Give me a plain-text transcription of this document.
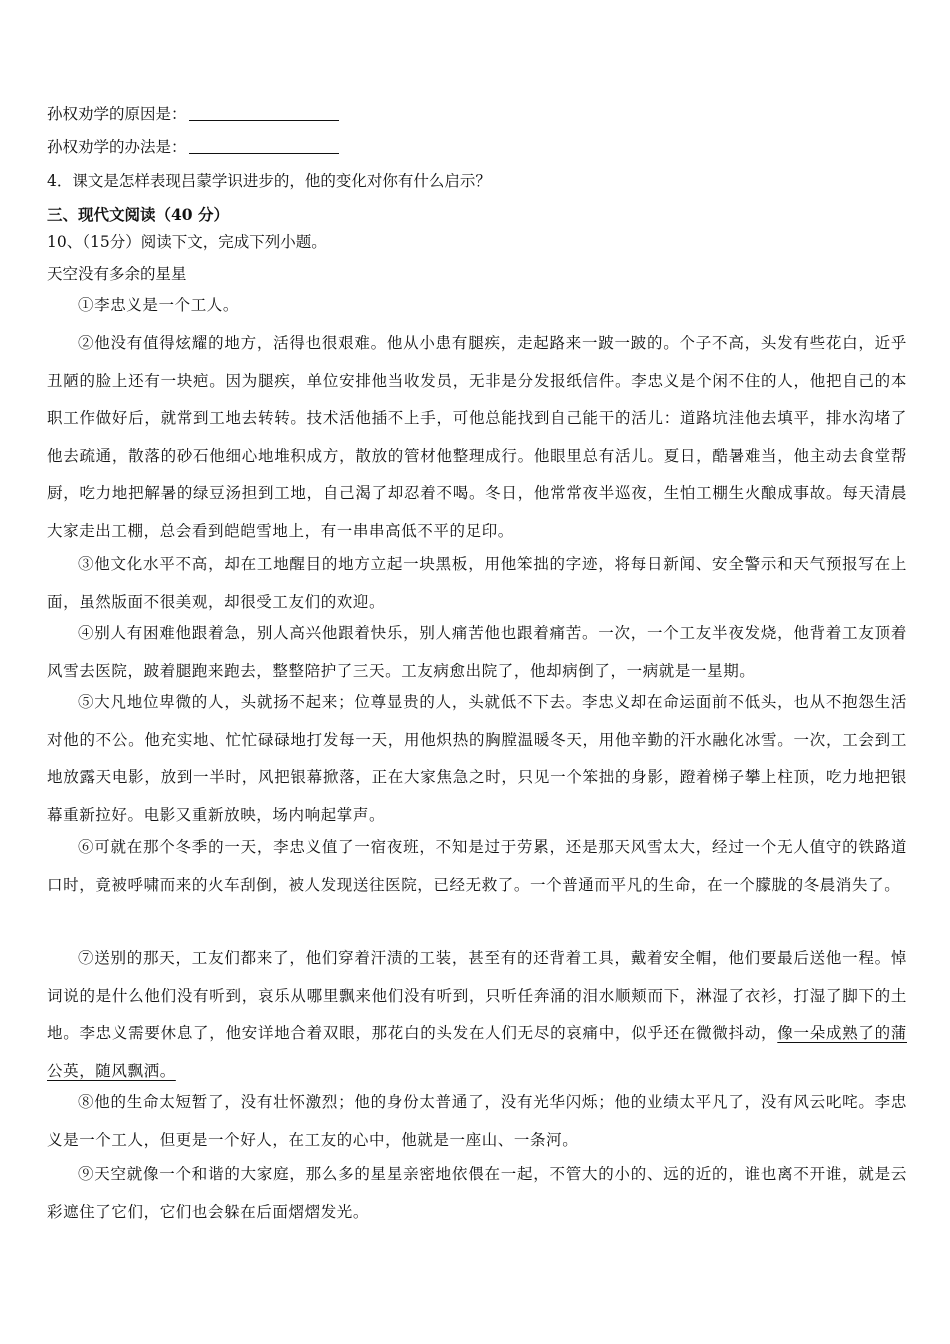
孙权劝学的原因是：
孙权劝学的办法是：
4．课文是怎样表现吕蒙学识进步的，他的变化对你有什么启示？
三、现代文阅读（40 分）
10、（15分）阅读下文，完成下列小题。
天空没有多余的星星
①李忠义是一个工人。
②他没有值得炫耀的地方，活得也很艰难。他从小患有腿疾，走起路来一跛一跛的。个子不高，头发有些花白，近乎丑陋的脸上还有一块疤。因为腿疾，单位安排他当收发员，无非是分发报纸信件。李忠义是个闲不住的人，他把自己的本职工作做好后，就常到工地去转转。技术活他插不上手，可他总能找到自己能干的活儿：道路坑洼他去填平，排水沟堵了他去疏通，散落的砂石他细心地堆积成方，散放的管材他整理成行。他眼里总有活儿。夏日，酷暑难当，他主动去食堂帮厨，吃力地把解暑的绿豆汤担到工地，自己渴了却忍着不喝。冬日，他常常夜半巡夜，生怕工棚生火酿成事故。每天清晨大家走出工棚，总会看到皑皑雪地上，有一串串高低不平的足印。
③他文化水平不高，却在工地醒目的地方立起一块黑板，用他笨拙的字迹，将每日新闻、安全警示和天气预报写在上面，虽然版面不很美观，却很受工友们的欢迎。
④别人有困难他跟着急，别人高兴他跟着快乐，别人痛苦他也跟着痛苦。一次，一个工友半夜发烧，他背着工友顶着风雪去医院，跛着腿跑来跑去，整整陪护了三天。工友病愈出院了，他却病倒了，一病就是一星期。
⑤大凡地位卑微的人，头就扬不起来；位尊显贵的人，头就低不下去。李忠义却在命运面前不低头，也从不抱怨生活对他的不公。他充实地、忙忙碌碌地打发每一天，用他炽热的胸膛温暖冬天，用他辛勤的汗水融化冰雪。一次，工会到工地放露天电影，放到一半时，风把银幕掀落，正在大家焦急之时，只见一个笨拙的身影，蹬着梯子攀上柱顶，吃力地把银幕重新拉好。电影又重新放映，场内响起掌声。
⑥可就在那个冬季的一天，李忠义值了一宿夜班，不知是过于劳累，还是那天风雪太大，经过一个无人值守的铁路道口时，竟被呼啸而来的火车刮倒，被人发现送往医院，已经无救了。一个普通而平凡的生命，在一个朦胧的冬晨消失了。
⑦送别的那天，工友们都来了，他们穿着汗渍的工装，甚至有的还背着工具，戴着安全帽，他们要最后送他一程。悼词说的是什么他们没有听到，哀乐从哪里飘来他们没有听到，只听任奔涌的泪水顺颊而下，淋湿了衣衫，打湿了脚下的土地。李忠义需要休息了，他安详地合着双眼，那花白的头发在人们无尽的哀痛中，似乎还在微微抖动，像一朵成熟了的蒲公英，随风飘洒。
⑧他的生命太短暂了，没有壮怀激烈；他的身份太普通了，没有光华闪烁；他的业绩太平凡了，没有风云叱咤。李忠义是一个工人，但更是一个好人，在工友的心中，他就是一座山、一条河。
⑨天空就像一个和谐的大家庭，那么多的星星亲密地依偎在一起，不管大的小的、远的近的，谁也离不开谁，就是云彩遮住了它们，它们也会躲在后面熠熠发光。
